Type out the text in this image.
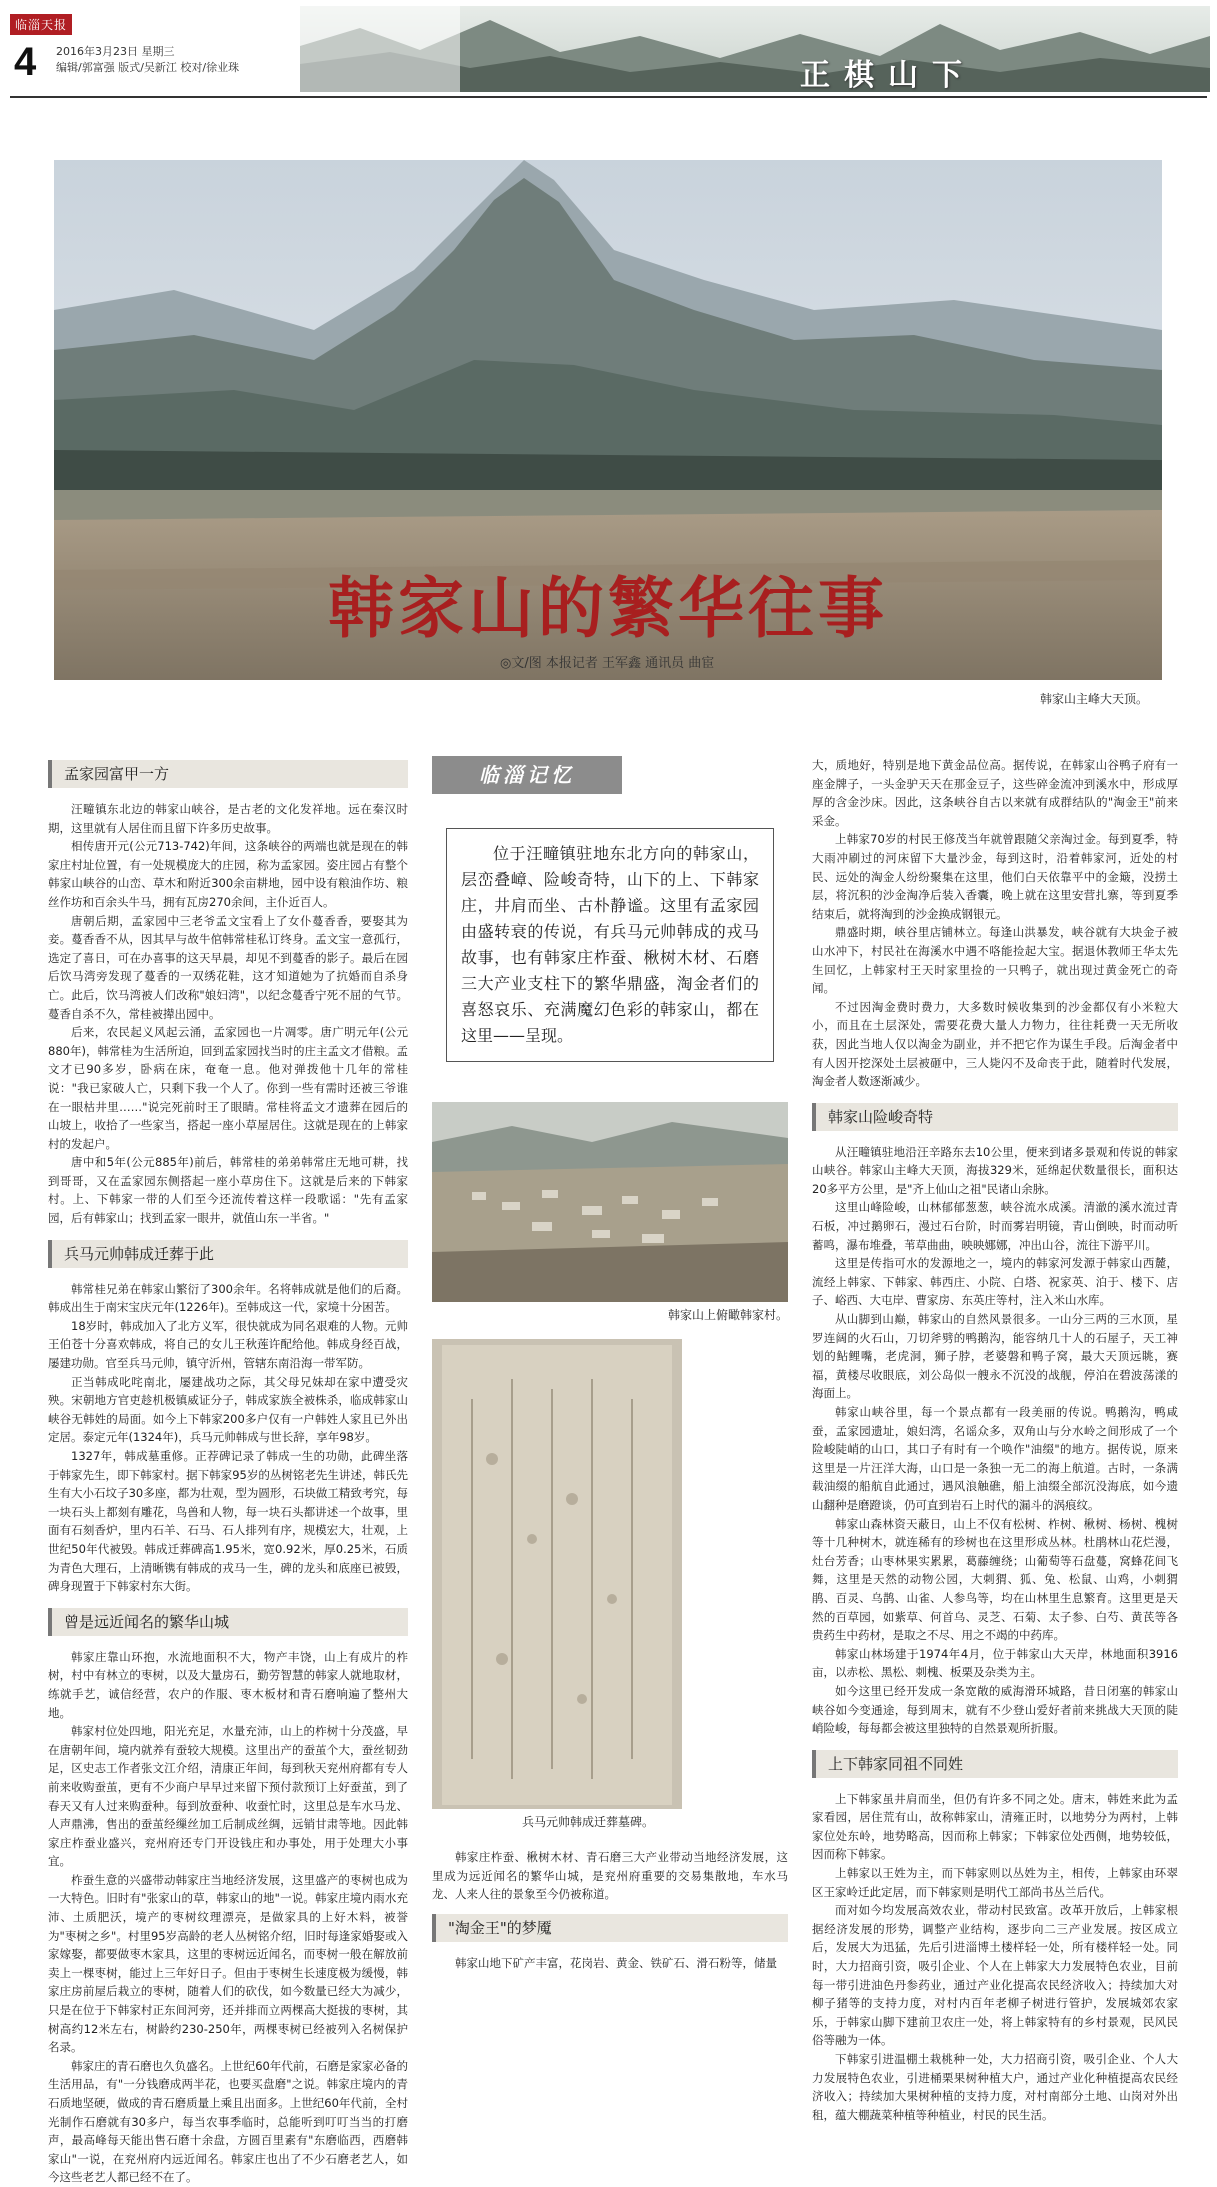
临淄天报
4 2016年3月23日 星期三
编辑/郭富强 版式/吴新江 校对/徐业珠	正棋山下
韩家山的繁华往事
◎文/图 本报记者 王军鑫 通讯员 曲宦
韩家山主峰大天顶。
孟家园富甲一方

汪疃镇东北边的韩家山峡谷，是古老的文化发祥地。远在秦汉时期，这里就有人居住而且留下许多历史故事。

相传唐开元(公元713-742)年间，这条峡谷的两端也就是现在的韩家庄村址位置，有一处规模庞大的庄园，称为孟家园。姿庄园占有整个韩家山峡谷的山峦、草木和附近300余亩耕地，园中设有粮油作坊、粮丝作坊和百余头牛马，拥有瓦房270余间，主仆近百人。

唐朝后期，孟家园中三老爷孟文宝看上了女仆蔓香香，要娶其为妾。蔓香香不从，因其早与故牛倌韩常桂私订终身。孟文宝一意孤行，选定了喜日，可在办喜事的这天早晨，却见不到蔓香的影子。最后在园后饮马湾旁发现了蔓香的一双绣花鞋，这才知道她为了抗婚而自杀身亡。此后，饮马湾被人们改称"娘妇湾"，以纪念蔓香宁死不屈的气节。蔓香自杀不久，常桂被撵出园中。

后来，农民起义风起云涌，孟家园也一片凋零。唐广明元年(公元880年)，韩常桂为生活所迫，回到孟家园找当时的庄主孟文才借粮。孟文才已90多岁，卧病在床，奄奄一息。他对弹拨他十几年的常桂说："我已家破人亡，只剩下我一个人了。你到一些有需时还被三爷谁在一眼枯井里……"说完死前时王了眼睛。常桂将孟文才遗葬在园后的山坡上，收拾了一些家当，搭起一座小草屋居住。这就是现在的上韩家村的发起户。

唐中和5年(公元885年)前后，韩常桂的弟弟韩常庄无地可耕，找到哥哥，又在孟家园东侧搭起一座小草房住下。这就是后来的下韩家村。上、下韩家一带的人们至今还流传着这样一段歌谣："先有孟家园，后有韩家山；找到孟家一眼井，就值山东一半省。"

兵马元帅韩成迁葬于此

韩常桂兄弟在韩家山繁衍了300余年。名将韩成就是他们的后裔。韩成出生于南宋宝庆元年(1226年)。至韩成这一代，家境十分困苦。

18岁时，韩成加入了北方义军，很快就成为同名艰难的人物。元帅王伯苍十分喜欢韩成，将自己的女儿王秋莲许配给他。韩成身经百战，屡建功勋。官至兵马元帅，镇守沂州，管辖东南沿海一带军防。

正当韩成叱咤南北，屡建战功之际，其父母兄妹却在家中遭受灾殃。宋朝地方官吏趁机极镇威证分子，韩成家族全被株杀，临成韩家山峡谷无韩姓的局面。如今上下韩家200多户仅有一户韩姓人家且已外出定居。泰定元年(1324年)，兵马元帅韩成与世长辞，享年98岁。

1327年，韩成墓重修。正荐碑记录了韩成一生的功勋，此碑坐落于韩家先生，即下韩家村。据下韩家95岁的丛树铭老先生讲述，韩氏先生有大小石坟子30多座，都为壮观，型为圆形，石块做工精致考究，每一块石头上都刻有雕花，鸟兽和人物，每一块石头都讲述一个故事，里面有石刻香炉，里内石羊、石马、石人排列有序，规模宏大，壮观，上世纪50年代被毁。韩成迁葬碑高1.95米，宽0.92米，厚0.25米，石质为青色大理石，上清晰镌有韩成的戎马一生，碑的龙头和底座已被毁，碑身现置于下韩家村东大街。

曾是远近闻名的繁华山城

韩家庄靠山环抱，水流地面积不大，物产丰饶，山上有成片的柞树，村中有林立的枣树，以及大量房石，勤劳智慧的韩家人就地取材，练就手艺，诚信经营，农户的作服、枣木板材和青石磨响遍了整州大地。

韩家村位处四地，阳光充足，水量充沛，山上的柞树十分茂盛，早在唐朝年间，境内就养有蚕较大规模。这里出产的蚕茧个大，蚕丝韧劲足，区史志工作者张文江介绍，清康正年间，每到秋天兖州府都有专人前来收购蚕茧，更有不少商户早早过来留下预付款预订上好蚕茧，到了春天又有人过来购蚕种。每到放蚕种、收蚕忙时，这里总是车水马龙、人声鼎沸，售出的蚕茧经缫丝加工后制成丝绸，远销甘肃等地。因此韩家庄柞蚕业盛兴，兖州府还专门开设钱庄和办事处，用于处理大小事宜。

柞蚕生意的兴盛带动韩家庄当地经济发展，这里盛产的枣树也成为一大特色。旧时有"张家山的草，韩家山的地"一说。韩家庄境内雨水充沛、土质肥沃，境产的枣树纹理漂亮，是做家具的上好木料，被誉为"枣树之乡"。村里95岁高龄的老人丛树铭介绍，旧时每逢家婚娶或入家嫁娶，都要做枣木家具，这里的枣树远近闻名，而枣树一般在解放前卖上一棵枣树，能过上三年好日子。但由于枣树生长速度极为缓慢，韩家庄房前屋后栽立的枣树，随着人们的砍伐，如今数量已经大为减少，只是在位于下韩家村正东间河旁，还并排而立两棵高大挺拔的枣树，其树高约12米左右，树龄约230-250年，两棵枣树已经被列入名树保护名录。

韩家庄的青石磨也久负盛名。上世纪60年代前，石磨是家家必备的生活用品，有"一分钱磨成两半花，也要买盘磨"之说。韩家庄境内的青石质地坚硬，做成的青石磨质量上乘且出面多。上世纪60年代前，全村光制作石磨就有30多户，每当农事季临时，总能听到叮叮当当的打磨声，最高峰每天能出售石磨十余盘，方圆百里素有"东磨临西，西磨韩家山"一说，在兖州府内远近闻名。韩家庄也出了不少石磨老艺人，如今这些老艺人都已经不在了。

临淄记忆
位于汪疃镇驻地东北方向的韩家山，层峦叠嶂、险峻奇特，山下的上、下韩家庄，井肩而坐、古朴静谧。这里有孟家园由盛转衰的传说，有兵马元帅韩成的戎马故事，也有韩家庄柞蚕、楸树木材、石磨三大产业支柱下的繁华鼎盛，淘金者们的喜怒哀乐、充满魔幻色彩的韩家山，都在这里——呈现。
韩家山上俯瞰韩家村。
兵马元帅韩成迁葬墓碑。
韩家庄柞蚕、楸树木材、青石磨三大产业带动当地经济发展，这里成为远近闻名的繁华山城，是兖州府重要的交易集散地，车水马龙、人来人往的景象至今仍被称道。
"淘金王"的梦魇
韩家山地下矿产丰富，花岗岩、黄金、铁矿石、滑石粉等，储量

大，质地好，特别是地下黄金品位高。据传说，在韩家山谷鸭子府有一座金牌子，一头金驴天天在那金豆子，这些碎金流冲到溪水中，形成厚厚的含金沙床。因此，这条峡谷自古以来就有成群结队的"淘金王"前来采金。

上韩家70岁的村民王修茂当年就曾跟随父亲淘过金。每到夏季，特大雨冲刷过的河床留下大量沙金，每到这时，沿着韩家河，近处的村民、远处的淘金人纷纷聚集在这里，他们白天依靠平中的金簸，没捞土层，将沉积的沙金淘净后装入香囊，晚上就在这里安营扎寨，等到夏季结束后，就将淘到的沙金换成钢银元。

鼎盛时期，峡谷里店铺林立。每逢山洪暴发，峡谷就有大块金子被山水冲下，村民社在海溪水中遇不咯能捡起大宝。据退休教师王华太先生回忆，上韩家村王天时家里捡的一只鸭子，就出现过黄金死亡的奇闻。

不过因淘金费时费力，大多数时候收集到的沙金都仅有小米粒大小，而且在土层深处，需要花费大量人力物力，往往耗费一天无所收获，因此当地人仅以淘金为副业，并不把它作为谋生手段。后淘金者中有人因开挖深处土层被砸中，三人毙闪不及命丧于此，随着时代发展，淘金者人数逐渐减少。

韩家山险峻奇特

从汪疃镇驻地沿汪辛路东去10公里，便来到诸多景观和传说的韩家山峡谷。韩家山主峰大天顶，海拔329米，延绵起伏数量很长，面积达20多平方公里，是"齐上仙山之祖"民诸山余脉。

这里山峰险峻，山林郁郁葱葱，峡谷流水成溪。清澈的溪水流过青石板，冲过鹅卵石，漫过石台阶，时而雾岩明镜，青山倒映，时而动听蓄鸣，瀑布堆叠，苇草曲曲，映映娜娜，冲出山谷，流往下游平川。

这里是传指可水的发源地之一，境内的韩家河发源于韩家山西麓，流经上韩家、下韩家、韩西庄、小院、白塔、祝家英、泊于、楼下、店子、峪西、大屯岸、曹家房、东英庄等村，注入米山水库。

从山脚到山巅，韩家山的自然风景很多。一山分三两的三水顶，星罗连阔的火石山，刀切斧劈的鸭鹅沟，能容纳几十人的石屋子，天工神划的鲇鲤嘴，老虎洞，狮子脖，老婆磐和鸭子窝，最大天顶远眺，赛福，黄楼尽收眼底，刘公岛似一艘永不沉没的战舰，停泊在碧波荡漾的海面上。

韩家山峡谷里，每一个景点都有一段美丽的传说。鸭鹅沟，鸭咸蚕，孟家园遗址，娘妇湾，名谣众多，双角山与分水岭之间形成了一个险峻陡峭的山口，其口子有时有一个唤作"油缀"的地方。据传说，原来这里是一片汪洋大海，山口是一条独一无二的海上航道。古时，一条满载油缀的船航自此通过，遇风浪触礁，船上油缀全部沉没海底，如今遗山翻种是磨蹬谈，仍可直到岩石上时代的漏斗的涡痕纹。

韩家山森林资天蔽日，山上不仅有松树、柞树、楸树、杨树、槐树等十几种树木，就连稀有的珍树也在这里形成丛林。杜鹃林山花烂漫，灶台芳香；山枣林果实累累，葛藤缠绕；山葡萄等石盘蔓，窝蜂花间飞舞，这里是天然的动物公园，大刺猬、狐、兔、松鼠、山鸡，小刺猬鹃、百灵、乌鹊、山雀、人参鸟等，均在山林里生息繁育。这里更是天然的百草园，如紫草、何首乌、灵芝、石菊、太子参、白芍、黄芪等各贵药生中药材，是取之不尽、用之不竭的中药库。

韩家山林场建于1974年4月，位于韩家山大天岸，林地面积3916亩，以赤松、黑松、刺槐、板栗及杂类为主。

如今这里已经开发成一条宽敞的威海滑环城路，昔日闭塞的韩家山峡谷如今变通途，每到周末，就有不少登山爱好者前来挑战大天顶的陡峭险峻，每每都会被这里独特的自然景观所折服。

上下韩家同祖不同姓

上下韩家虽井肩而坐，但仍有许多不同之处。唐末，韩姓来此为孟家看园，居住荒有山，故称韩家山，清雍正时，以地势分为两村，上韩家位处东岭，地势略高，因而称上韩家；下韩家位处西侧，地势较低，因而称下韩家。

上韩家以王姓为主，而下韩家则以丛姓为主，相传，上韩家由环翠区王家岭迁此定居，而下韩家则是明代工部尚书丛兰后代。

而对如今均发展高效农业，带动村民致富。改革开放后，上韩家根据经济发展的形势，调整产业结构，逐步向二三产业发展。按区成立后，发展大为迅猛，先后引进淄博土楼样轻一处，所有楼样轻一处。同时，大力招商引资，吸引企业、个人在上韩家大力发展特色农业，目前每一带引进油色丹参药业，通过产业化提高农民经济收入；持续加大对柳子猪等的支持力度，对村内百年老柳子树进行管护，发展城郊农家乐，于韩家山脚下建前卫农庄一处，将上韩家特有的乡村景观，民风民俗等融为一体。

下韩家引进温棚土栽桃种一处，大力招商引资，吸引企业、个人大力发展特色农业，引进桶栗果树种植大户，通过产业化种植提高农民经济收入；持续加大果树种植的支持力度，对村南部分土地、山岗对外出租，蕴大棚蔬菜种植等种植业，村民的民生活。
